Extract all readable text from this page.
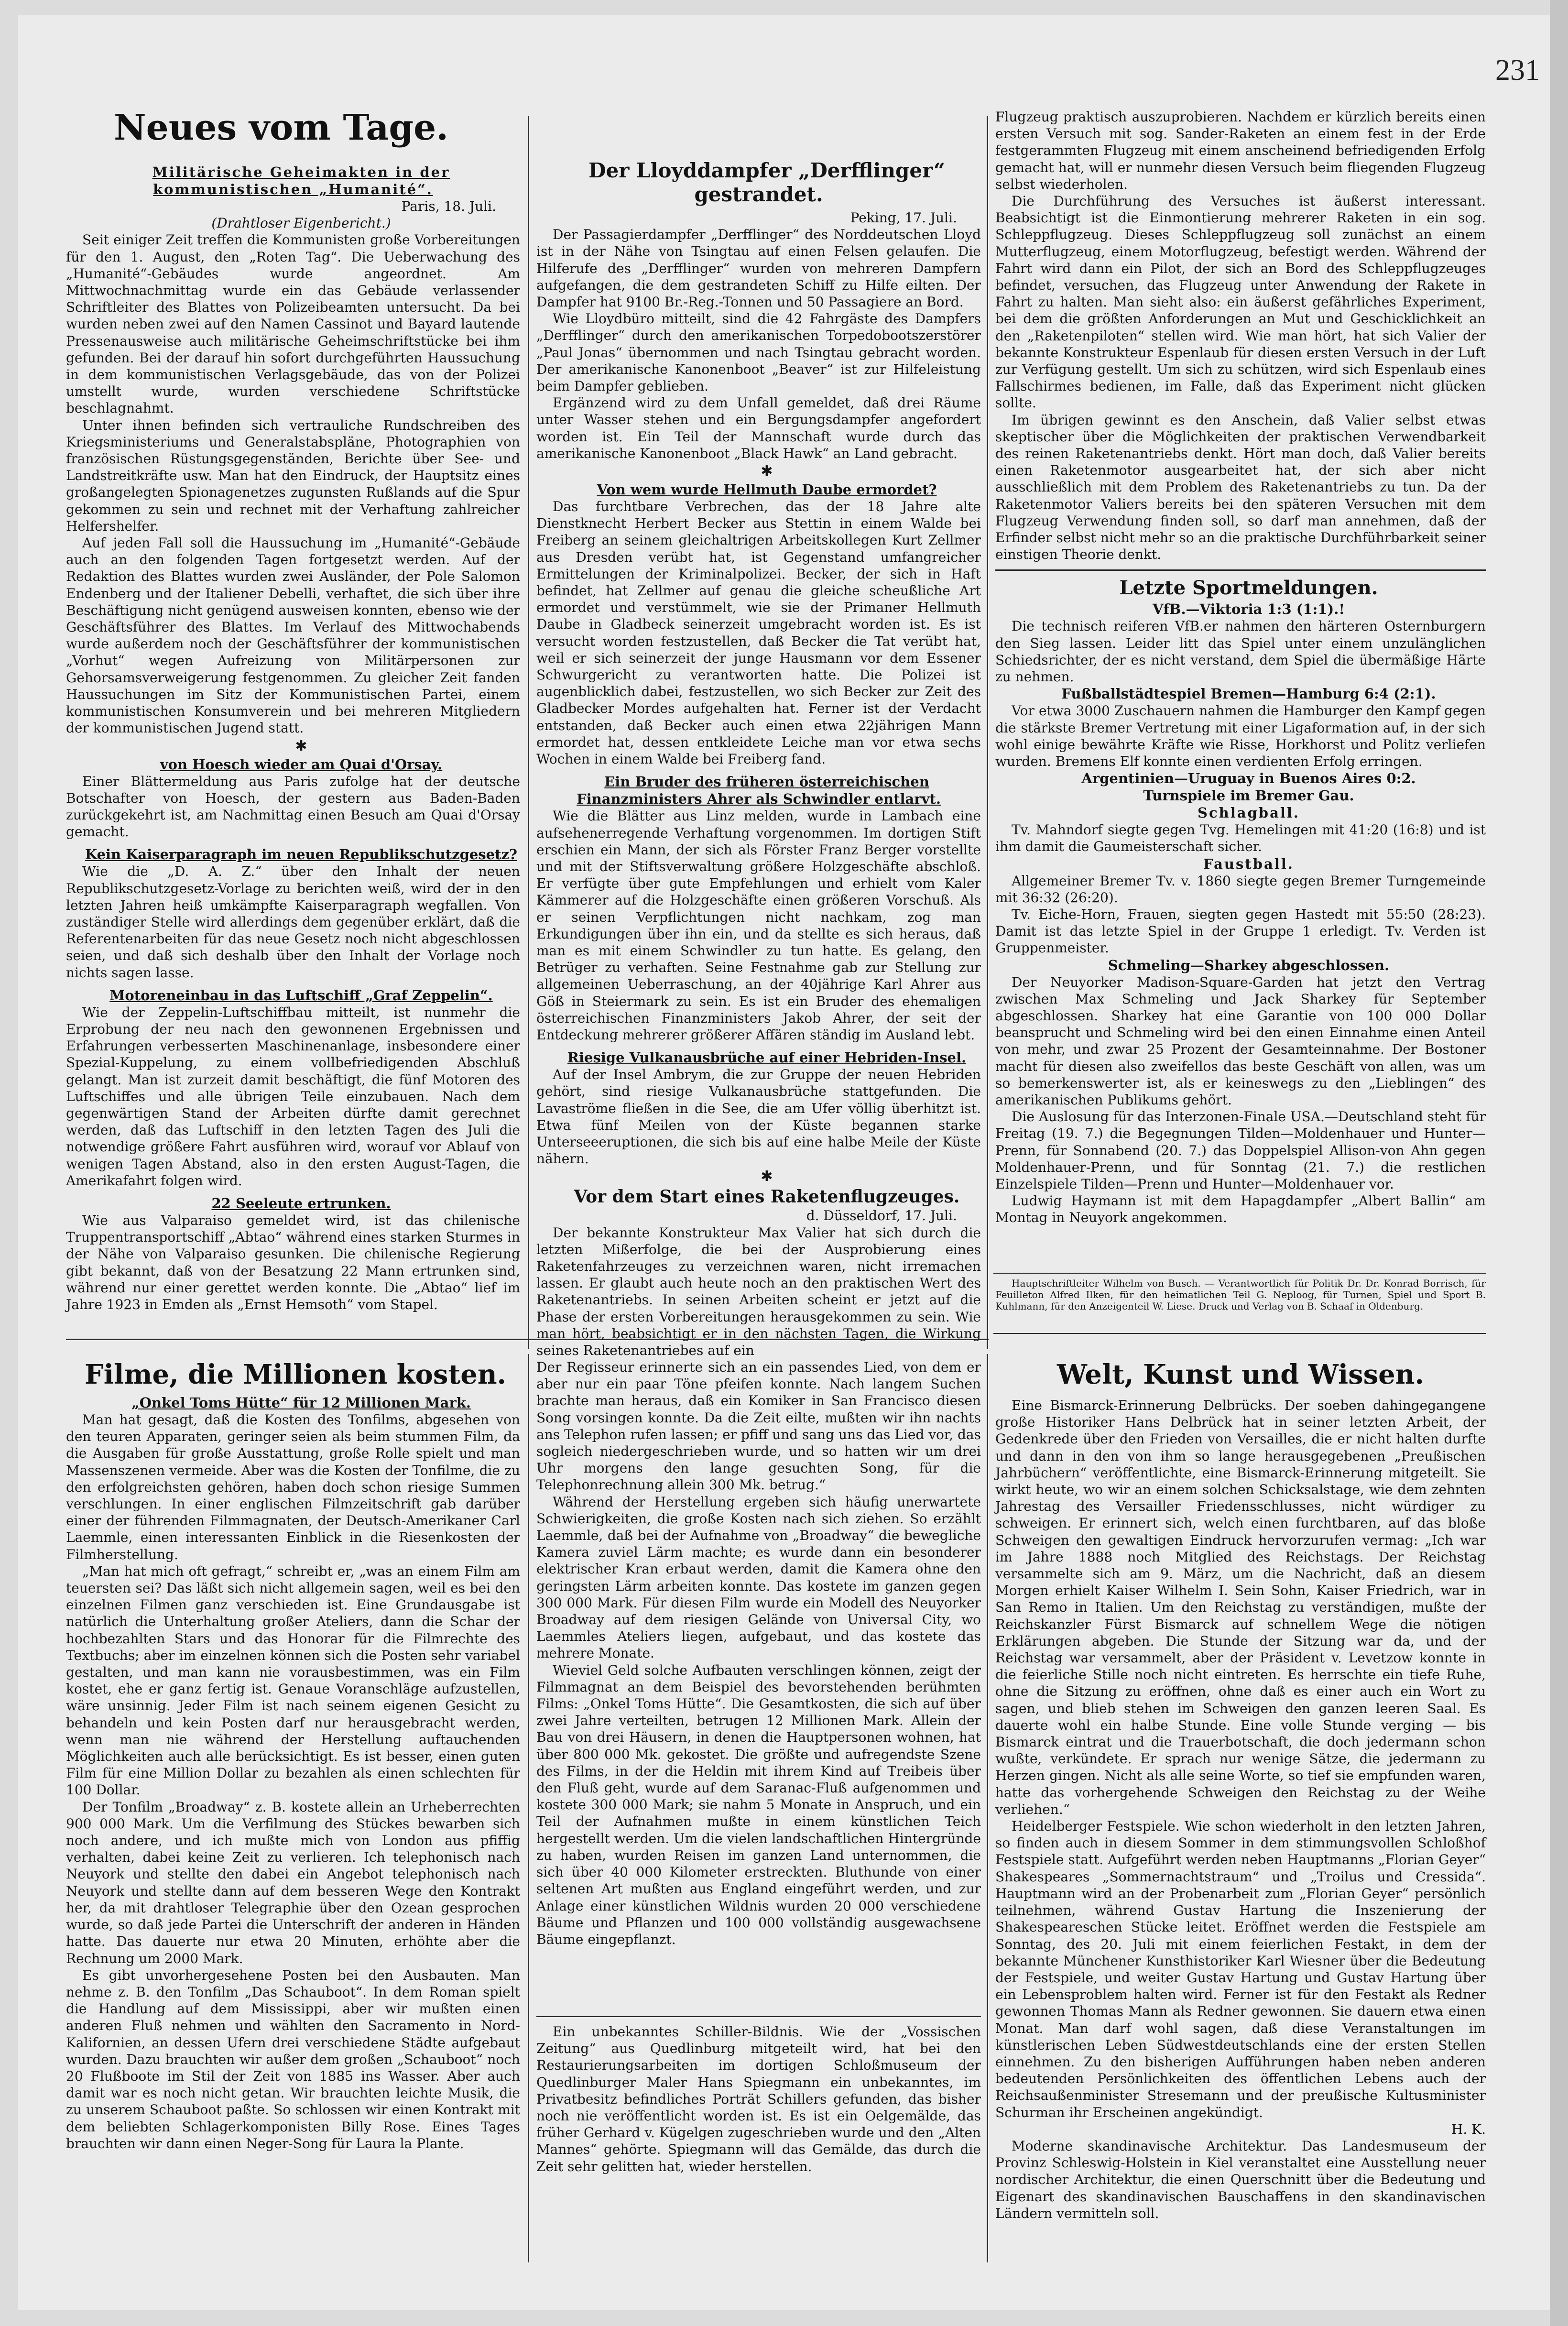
231
Neues vom Tage.

Militärische Geheimakten in der kommunistischen „Humanité“.

Paris, 18. Juli.

(Drahtloser Eigenbericht.)

Seit einiger Zeit treffen die Kommunisten große Vorbereitungen für den 1. August, den „Roten Tag“. Die Ueberwachung des „Humanité“-Gebäudes wurde angeordnet. Am Mittwochnachmittag wurde ein das Gebäude verlassender Schriftleiter des Blattes von Polizeibeamten untersucht. Da bei wurden neben zwei auf den Namen Cassinot und Bayard lautende Pressenausweise auch militärische Geheimschriftstücke bei ihm gefunden. Bei der darauf hin sofort durchgeführten Haussuchung in dem kommunistischen Verlagsgebäude, das von der Polizei umstellt wurde, wurden verschiedene Schriftstücke beschlagnahmt.

Unter ihnen befinden sich vertrauliche Rundschreiben des Kriegsministeriums und Generalstabspläne, Photographien von französischen Rüstungsgegenständen, Berichte über See- und Landstreitkräfte usw. Man hat den Eindruck, der Hauptsitz eines großangelegten Spionagenetzes zugunsten Rußlands auf die Spur gekommen zu sein und rechnet mit der Verhaftung zahlreicher Helfershelfer.

Auf jeden Fall soll die Haussuchung im „Humanité“-Gebäude auch an den folgenden Tagen fortgesetzt werden. Auf der Redaktion des Blattes wurden zwei Ausländer, der Pole Salomon Endenberg und der Italiener Debelli, verhaftet, die sich über ihre Beschäftigung nicht genügend ausweisen konnten, ebenso wie der Geschäftsführer des Blattes. Im Verlauf des Mittwochabends wurde außerdem noch der Geschäftsführer der kommunistischen „Vorhut“ wegen Aufreizung von Militärpersonen zur Gehorsamsverweigerung festgenommen. Zu gleicher Zeit fanden Haussuchungen im Sitz der Kommunistischen Partei, einem kommunistischen Konsumverein und bei mehreren Mitgliedern der kommunistischen Jugend statt.

✱

von Hoesch wieder am Quai d'Orsay.

Einer Blättermeldung aus Paris zufolge hat der deutsche Botschafter von Hoesch, der gestern aus Baden-Baden zurückgekehrt ist, am Nachmittag einen Besuch am Quai d'Orsay gemacht.

Kein Kaiserparagraph im neuen Republikschutzgesetz?

Wie die „D. A. Z.“ über den Inhalt der neuen Republikschutzgesetz-Vorlage zu berichten weiß, wird der in den letzten Jahren heiß umkämpfte Kaiserparagraph wegfallen. Von zuständiger Stelle wird allerdings dem gegenüber erklärt, daß die Referentenarbeiten für das neue Gesetz noch nicht abgeschlossen seien, und daß sich deshalb über den Inhalt der Vorlage noch nichts sagen lasse.

Motoreneinbau in das Luftschiff „Graf Zeppelin“.

Wie der Zeppelin-Luftschiffbau mitteilt, ist nunmehr die Erprobung der neu nach den gewonnenen Ergebnissen und Erfahrungen verbesserten Maschinenanlage, insbesondere einer Spezial-Kuppelung, zu einem vollbefriedigenden Abschluß gelangt. Man ist zurzeit damit beschäftigt, die fünf Motoren des Luftschiffes und alle übrigen Teile einzubauen. Nach dem gegenwärtigen Stand der Arbeiten dürfte damit gerechnet werden, daß das Luftschiff in den letzten Tagen des Juli die notwendige größere Fahrt ausführen wird, worauf vor Ablauf von wenigen Tagen Abstand, also in den ersten August-Tagen, die Amerikafahrt folgen wird.

22 Seeleute ertrunken.

Wie aus Valparaiso gemeldet wird, ist das chilenische Truppentransportschiff „Abtao“ während eines starken Sturmes in der Nähe von Valparaiso gesunken. Die chilenische Regierung gibt bekannt, daß von der Besatzung 22 Mann ertrunken sind, während nur einer gerettet werden konnte. Die „Abtao“ lief im Jahre 1923 in Emden als „Ernst Hemsoth“ vom Stapel.

Der Lloyddampfer „Derfflinger“ gestrandet.

Peking, 17. Juli.

Der Passagierdampfer „Derfflinger“ des Norddeutschen Lloyd ist in der Nähe von Tsingtau auf einen Felsen gelaufen. Die Hilferufe des „Derfflinger“ wurden von mehreren Dampfern aufgefangen, die dem gestrandeten Schiff zu Hilfe eilten. Der Dampfer hat 9100 Br.-Reg.-Tonnen und 50 Passagiere an Bord.

Wie Lloydbüro mitteilt, sind die 42 Fahrgäste des Dampfers „Derfflinger“ durch den amerikanischen Torpedobootszerstörer „Paul Jonas“ übernommen und nach Tsingtau gebracht worden. Der amerikanische Kanonenboot „Beaver“ ist zur Hilfeleistung beim Dampfer geblieben.

Ergänzend wird zu dem Unfall gemeldet, daß drei Räume unter Wasser stehen und ein Bergungsdampfer angefordert worden ist. Ein Teil der Mannschaft wurde durch das amerikanische Kanonenboot „Black Hawk“ an Land gebracht.

✱

Von wem wurde Hellmuth Daube ermordet?

Das furchtbare Verbrechen, das der 18 Jahre alte Dienstknecht Herbert Becker aus Stettin in einem Walde bei Freiberg an seinem gleichaltrigen Arbeitskollegen Kurt Zellmer aus Dresden verübt hat, ist Gegenstand umfangreicher Ermittelungen der Kriminalpolizei. Becker, der sich in Haft befindet, hat Zellmer auf genau die gleiche scheußliche Art ermordet und verstümmelt, wie sie der Primaner Hellmuth Daube in Gladbeck seinerzeit umgebracht worden ist. Es ist versucht worden festzustellen, daß Becker die Tat verübt hat, weil er sich seinerzeit der junge Hausmann vor dem Essener Schwurgericht zu verantworten hatte. Die Polizei ist augenblicklich dabei, festzustellen, wo sich Becker zur Zeit des Gladbecker Mordes aufgehalten hat. Ferner ist der Verdacht entstanden, daß Becker auch einen etwa 22jährigen Mann ermordet hat, dessen entkleidete Leiche man vor etwa sechs Wochen in einem Walde bei Freiberg fand.

Ein Bruder des früheren österreichischen Finanzministers Ahrer als Schwindler entlarvt.

Wie die Blätter aus Linz melden, wurde in Lambach eine aufsehenerregende Verhaftung vorgenommen. Im dortigen Stift erschien ein Mann, der sich als Förster Franz Berger vorstellte und mit der Stiftsverwaltung größere Holzgeschäfte abschloß. Er verfügte über gute Empfehlungen und erhielt vom Kaler Kämmerer auf die Holzgeschäfte einen größeren Vorschuß. Als er seinen Verpflichtungen nicht nachkam, zog man Erkundigungen über ihn ein, und da stellte es sich heraus, daß man es mit einem Schwindler zu tun hatte. Es gelang, den Betrüger zu verhaften. Seine Festnahme gab zur Stellung zur allgemeinen Ueberraschung, an der 40jährige Karl Ahrer aus Göß in Steiermark zu sein. Es ist ein Bruder des ehemaligen österreichischen Finanzministers Jakob Ahrer, der seit der Entdeckung mehrerer größerer Affären ständig im Ausland lebt.

Riesige Vulkanausbrüche auf einer Hebriden-Insel.

Auf der Insel Ambrym, die zur Gruppe der neuen Hebriden gehört, sind riesige Vulkanausbrüche stattgefunden. Die Lavaströme fließen in die See, die am Ufer völlig überhitzt ist. Etwa fünf Meilen von der Küste begannen starke Unterseeeruptionen, die sich bis auf eine halbe Meile der Küste nähern.

✱

Vor dem Start eines Raketenflugzeuges.

d. Düsseldorf, 17. Juli.

Der bekannte Konstrukteur Max Valier hat sich durch die letzten Mißerfolge, die bei der Ausprobierung eines Raketenfahrzeuges zu verzeichnen waren, nicht irremachen lassen. Er glaubt auch heute noch an den praktischen Wert des Raketenantriebs. In seinen Arbeiten scheint er jetzt auf die Phase der ersten Vorbereitungen herausgekommen zu sein. Wie man hört, beabsichtigt er in den nächsten Tagen, die Wirkung seines Raketenantriebes auf ein

Flugzeug praktisch auszuprobieren. Nachdem er kürzlich bereits einen ersten Versuch mit sog. Sander-Raketen an einem fest in der Erde festgerammten Flugzeug mit einem anscheinend befriedigenden Erfolg gemacht hat, will er nunmehr diesen Versuch beim fliegenden Flugzeug selbst wiederholen.

Die Durchführung des Versuches ist äußerst interessant. Beabsichtigt ist die Einmontierung mehrerer Raketen in ein sog. Schleppflugzeug. Dieses Schleppflugzeug soll zunächst an einem Mutterflugzeug, einem Motorflugzeug, befestigt werden. Während der Fahrt wird dann ein Pilot, der sich an Bord des Schleppflugzeuges befindet, versuchen, das Flugzeug unter Anwendung der Rakete in Fahrt zu halten. Man sieht also: ein äußerst gefährliches Experiment, bei dem die größten Anforderungen an Mut und Geschicklichkeit an den „Raketenpiloten“ stellen wird. Wie man hört, hat sich Valier der bekannte Konstrukteur Espenlaub für diesen ersten Versuch in der Luft zur Verfügung gestellt. Um sich zu schützen, wird sich Espenlaub eines Fallschirmes bedienen, im Falle, daß das Experiment nicht glücken sollte.

Im übrigen gewinnt es den Anschein, daß Valier selbst etwas skeptischer über die Möglichkeiten der praktischen Verwendbarkeit des reinen Raketenantriebs denkt. Hört man doch, daß Valier bereits einen Raketenmotor ausgearbeitet hat, der sich aber nicht ausschließlich mit dem Problem des Raketenantriebs zu tun. Da der Raketenmotor Valiers bereits bei den späteren Versuchen mit dem Flugzeug Verwendung finden soll, so darf man annehmen, daß der Erfinder selbst nicht mehr so an die praktische Durchführbarkeit seiner einstigen Theorie denkt.

Letzte Sportmeldungen.

VfB.—Viktoria 1:3 (1:1).!

Die technisch reiferen VfB.er nahmen den härteren Osternburgern den Sieg lassen. Leider litt das Spiel unter einem unzulänglichen Schiedsrichter, der es nicht verstand, dem Spiel die übermäßige Härte zu nehmen.

Fußballstädtespiel Bremen—Hamburg 6:4 (2:1).

Vor etwa 3000 Zuschauern nahmen die Hamburger den Kampf gegen die stärkste Bremer Vertretung mit einer Ligaformation auf, in der sich wohl einige bewährte Kräfte wie Risse, Horkhorst und Politz verliefen wurden. Bremens Elf konnte einen verdienten Erfolg erringen.

Argentinien—Uruguay in Buenos Aires 0:2.

Turnspiele im Bremer Gau.

Schlagball.

Tv. Mahndorf siegte gegen Tvg. Hemelingen mit 41:20 (16:8) und ist ihm damit die Gaumeisterschaft sicher.

Faustball.

Allgemeiner Bremer Tv. v. 1860 siegte gegen Bremer Turngemeinde mit 36:32 (26:20).

Tv. Eiche-Horn, Frauen, siegten gegen Hastedt mit 55:50 (28:23). Damit ist das letzte Spiel in der Gruppe 1 erledigt. Tv. Verden ist Gruppenmeister.

Schmeling—Sharkey abgeschlossen.

Der Neuyorker Madison-Square-Garden hat jetzt den Vertrag zwischen Max Schmeling und Jack Sharkey für September abgeschlossen. Sharkey hat eine Garantie von 100 000 Dollar beansprucht und Schmeling wird bei den einen Einnahme einen Anteil von mehr, und zwar 25 Prozent der Gesamteinnahme. Der Bostoner macht für diesen also zweifellos das beste Geschäft von allen, was um so bemerkenswerter ist, als er keineswegs zu den „Lieblingen“ des amerikanischen Publikums gehört.

Die Auslosung für das Interzonen-Finale USA.—Deutschland steht für Freitag (19. 7.) die Begegnungen Tilden—Moldenhauer und Hunter—Prenn, für Sonnabend (20. 7.) das Doppelspiel Allison-von Ahn gegen Moldenhauer-Prenn, und für Sonntag (21. 7.) die restlichen Einzelspiele Tilden—Prenn und Hunter—Moldenhauer vor.

Ludwig Haymann ist mit dem Hapagdampfer „Albert Ballin“ am Montag in Neuyork angekommen.

Hauptschriftleiter Wilhelm von Busch. — Verantwortlich für Politik Dr. Dr. Konrad Borrisch, für Feuilleton Alfred Ilken, für den heimatlichen Teil G. Neploog, für Turnen, Spiel und Sport B. Kuhlmann, für den Anzeigenteil W. Liese. Druck und Verlag von B. Schaaf in Oldenburg.

Filme, die Millionen kosten.

„Onkel Toms Hütte“ für 12 Millionen Mark.

Man hat gesagt, daß die Kosten des Tonfilms, abgesehen von den teuren Apparaten, geringer seien als beim stummen Film, da die Ausgaben für große Ausstattung, große Rolle spielt und man Massenszenen vermeide. Aber was die Kosten der Tonfilme, die zu den erfolgreichsten gehören, haben doch schon riesige Summen verschlungen. In einer englischen Filmzeitschrift gab darüber einer der führenden Filmmagnaten, der Deutsch-Amerikaner Carl Laemmle, einen interessanten Einblick in die Riesenkosten der Filmherstellung.

„Man hat mich oft gefragt,“ schreibt er, „was an einem Film am teuersten sei? Das läßt sich nicht allgemein sagen, weil es bei den einzelnen Filmen ganz verschieden ist. Eine Grundausgabe ist natürlich die Unterhaltung großer Ateliers, dann die Schar der hochbezahlten Stars und das Honorar für die Filmrechte des Textbuchs; aber im einzelnen können sich die Posten sehr variabel gestalten, und man kann nie vorausbestimmen, was ein Film kostet, ehe er ganz fertig ist. Genaue Voranschläge aufzustellen, wäre unsinnig. Jeder Film ist nach seinem eigenen Gesicht zu behandeln und kein Posten darf nur herausgebracht werden, wenn man nie während der Herstellung auftauchenden Möglichkeiten auch alle berücksichtigt. Es ist besser, einen guten Film für eine Million Dollar zu bezahlen als einen schlechten für 100 Dollar.

Der Tonfilm „Broadway“ z. B. kostete allein an Urheberrechten 900 000 Mark. Um die Verfilmung des Stückes bewarben sich noch andere, und ich mußte mich von London aus pfiffig verhalten, dabei keine Zeit zu verlieren. Ich telephonisch nach Neuyork und stellte den dabei ein Angebot telephonisch nach Neuyork und stellte dann auf dem besseren Wege den Kontrakt her, da mit drahtloser Telegraphie über den Ozean gesprochen wurde, so daß jede Partei die Unterschrift der anderen in Händen hatte. Das dauerte nur etwa 20 Minuten, erhöhte aber die Rechnung um 2000 Mark.

Es gibt unvorhergesehene Posten bei den Ausbauten. Man nehme z. B. den Tonfilm „Das Schauboot“. In dem Roman spielt die Handlung auf dem Mississippi, aber wir mußten einen anderen Fluß nehmen und wählten den Sacramento in Nord-Kalifornien, an dessen Ufern drei verschiedene Städte aufgebaut wurden. Dazu brauchten wir außer dem großen „Schauboot“ noch 20 Flußboote im Stil der Zeit von 1885 ins Wasser. Aber auch damit war es noch nicht getan. Wir brauchten leichte Musik, die zu unserem Schauboot paßte. So schlossen wir einen Kontrakt mit dem beliebten Schlagerkomponisten Billy Rose. Eines Tages brauchten wir dann einen Neger-Song für Laura la Plante.

Der Regisseur erinnerte sich an ein passendes Lied, von dem er aber nur ein paar Töne pfeifen konnte. Nach langem Suchen brachte man heraus, daß ein Komiker in San Francisco diesen Song vorsingen konnte. Da die Zeit eilte, mußten wir ihn nachts ans Telephon rufen lassen; er pfiff und sang uns das Lied vor, das sogleich niedergeschrieben wurde, und so hatten wir um drei Uhr morgens den lange gesuchten Song, für die Telephonrechnung allein 300 Mk. betrug.“

Während der Herstellung ergeben sich häufig unerwartete Schwierigkeiten, die große Kosten nach sich ziehen. So erzählt Laemmle, daß bei der Aufnahme von „Broadway“ die bewegliche Kamera zuviel Lärm machte; es wurde dann ein besonderer elektrischer Kran erbaut werden, damit die Kamera ohne den geringsten Lärm arbeiten konnte. Das kostete im ganzen gegen 300 000 Mark. Für diesen Film wurde ein Modell des Neuyorker Broadway auf dem riesigen Gelände von Universal City, wo Laemmles Ateliers liegen, aufgebaut, und das kostete das mehrere Monate.

Wieviel Geld solche Aufbauten verschlingen können, zeigt der Filmmagnat an dem Beispiel des bevorstehenden berühmten Films: „Onkel Toms Hütte“. Die Gesamtkosten, die sich auf über zwei Jahre verteilten, betrugen 12 Millionen Mark. Allein der Bau von drei Häusern, in denen die Hauptpersonen wohnen, hat über 800 000 Mk. gekostet. Die größte und aufregendste Szene des Films, in der die Heldin mit ihrem Kind auf Treibeis über den Fluß geht, wurde auf dem Saranac-Fluß aufgenommen und kostete 300 000 Mark; sie nahm 5 Monate in Anspruch, und ein Teil der Aufnahmen mußte in einem künstlichen Teich hergestellt werden. Um die vielen landschaftlichen Hintergründe zu haben, wurden Reisen im ganzen Land unternommen, die sich über 40 000 Kilometer erstreckten. Bluthunde von einer seltenen Art mußten aus England eingeführt werden, und zur Anlage einer künstlichen Wildnis wurden 20 000 verschiedene Bäume und Pflanzen und 100 000 vollständig ausgewachsene Bäume eingepflanzt.

Ein unbekanntes Schiller-Bildnis. Wie der „Vossischen Zeitung“ aus Quedlinburg mitgeteilt wird, hat bei den Restaurierungsarbeiten im dortigen Schloßmuseum der Quedlinburger Maler Hans Spiegmann ein unbekanntes, im Privatbesitz befindliches Porträt Schillers gefunden, das bisher noch nie veröffentlicht worden ist. Es ist ein Oelgemälde, das früher Gerhard v. Kügelgen zugeschrieben wurde und den „Alten Mannes“ gehörte. Spiegmann will das Gemälde, das durch die Zeit sehr gelitten hat, wieder herstellen.

Welt, Kunst und Wissen.

Eine Bismarck-Erinnerung Delbrücks. Der soeben dahingegangene große Historiker Hans Delbrück hat in seiner letzten Arbeit, der Gedenkrede über den Frieden von Versailles, die er nicht halten durfte und dann in den von ihm so lange herausgegebenen „Preußischen Jahrbüchern“ veröffentlichte, eine Bismarck-Erinnerung mitgeteilt. Sie wirkt heute, wo wir an einem solchen Schicksalstage, wie dem zehnten Jahrestag des Versailler Friedensschlusses, nicht würdiger zu schweigen. Er erinnert sich, welch einen furchtbaren, auf das bloße Schweigen den gewaltigen Eindruck hervorzurufen vermag: „Ich war im Jahre 1888 noch Mitglied des Reichstags. Der Reichstag versammelte sich am 9. März, um die Nachricht, daß an diesem Morgen erhielt Kaiser Wilhelm I. Sein Sohn, Kaiser Friedrich, war in San Remo in Italien. Um den Reichstag zu verständigen, mußte der Reichskanzler Fürst Bismarck auf schnellem Wege die nötigen Erklärungen abgeben. Die Stunde der Sitzung war da, und der Reichstag war versammelt, aber der Präsident v. Levetzow konnte in die feierliche Stille noch nicht eintreten. Es herrschte ein tiefe Ruhe, ohne die Sitzung zu eröffnen, ohne daß es einer auch ein Wort zu sagen, und blieb stehen im Schweigen den ganzen leeren Saal. Es dauerte wohl ein halbe Stunde. Eine volle Stunde verging — bis Bismarck eintrat und die Trauerbotschaft, die doch jedermann schon wußte, verkündete. Er sprach nur wenige Sätze, die jedermann zu Herzen gingen. Nicht als alle seine Worte, so tief sie empfunden waren, hatte das vorhergehende Schweigen den Reichstag zu der Weihe verliehen.“

Heidelberger Festspiele. Wie schon wiederholt in den letzten Jahren, so finden auch in diesem Sommer in dem stimmungsvollen Schloßhof Festspiele statt. Aufgeführt werden neben Hauptmanns „Florian Geyer“ Shakespeares „Sommernachtstraum“ und „Troilus und Cressida“. Hauptmann wird an der Probenarbeit zum „Florian Geyer“ persönlich teilnehmen, während Gustav Hartung die Inszenierung der Shakespeareschen Stücke leitet. Eröffnet werden die Festspiele am Sonntag, des 20. Juli mit einem feierlichen Festakt, in dem der bekannte Münchener Kunsthistoriker Karl Wiesner über die Bedeutung der Festspiele, und weiter Gustav Hartung und Gustav Hartung über ein Lebensproblem halten wird. Ferner ist für den Festakt als Redner gewonnen Thomas Mann als Redner gewonnen. Sie dauern etwa einen Monat. Man darf wohl sagen, daß diese Veranstaltungen im künstlerischen Leben Südwestdeutschlands eine der ersten Stellen einnehmen. Zu den bisherigen Aufführungen haben neben anderen bedeutenden Persönlichkeiten des öffentlichen Lebens auch der Reichsaußenminister Stresemann und der preußische Kultusminister Schurman ihr Erscheinen angekündigt.

H. K.

Moderne skandinavische Architektur. Das Landesmuseum der Provinz Schleswig-Holstein in Kiel veranstaltet eine Ausstellung neuer nordischer Architektur, die einen Querschnitt über die Bedeutung und Eigenart des skandinavischen Bauschaffens in den skandinavischen Ländern vermitteln soll.
